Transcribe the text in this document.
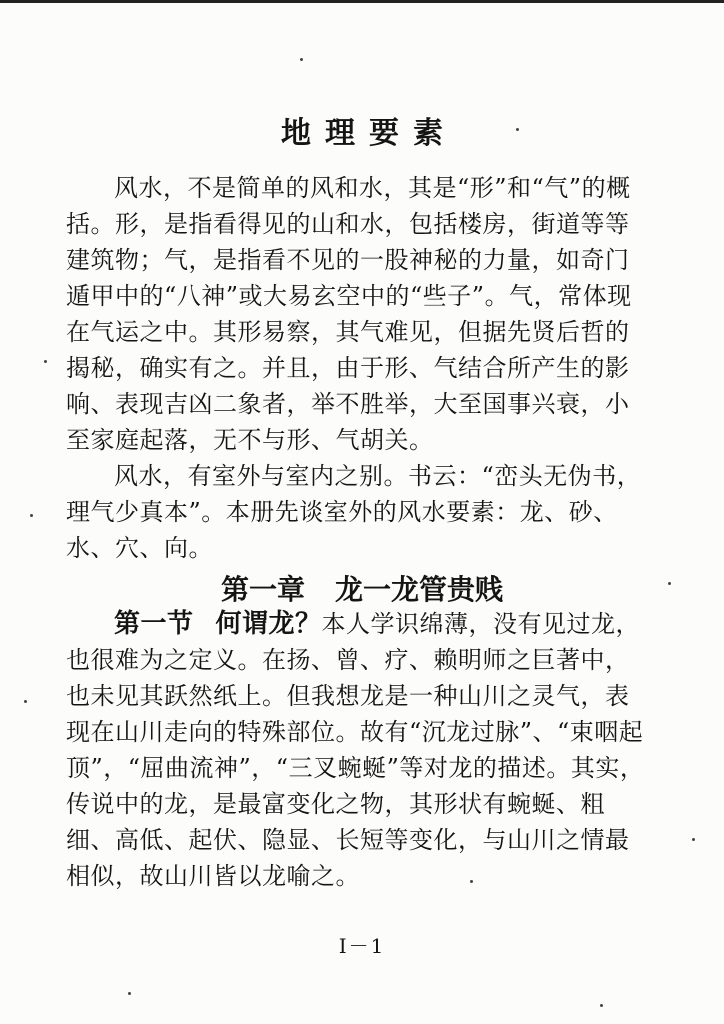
地理要素

风水，不是简单的风和水，其是“形”和“气”的概括。形，是指看得见的山和水，包括楼房，街道等等建筑物；气，是指看不见的一股神秘的力量，如奇门遁甲中的“八神”或大易玄空中的“些子”。气，常体现在气运之中。其形易察，其气难见，但据先贤后哲的揭秘，确实有之。并且，由于形、气结合所产生的影响、表现吉凶二象者，举不胜举，大至国事兴衰，小至家庭起落，无不与形、气胡关。

风水，有室外与室内之别。书云：“峦头无伪书，理气少真本”。本册先谈室外的风水要素：龙、砂、水、穴、向。

第一章 龙一龙管贵贱

第一节 何谓龙？本人学识绵薄，没有见过龙，也很难为之定义。在扬、曾、疗、赖明师之巨著中，也未见其跃然纸上。但我想龙是一种山川之灵气，表现在山川走向的特殊部位。故有“沉龙过脉”、“束咽起顶”，“屈曲流神”，“三叉蜿蜒”等对龙的描述。其实，传说中的龙，是最富变化之物，其形状有蜿蜒、粗细、高低、起伏、隐显、长短等变化，与山川之情最相似，故山川皆以龙喻之。

I－1
